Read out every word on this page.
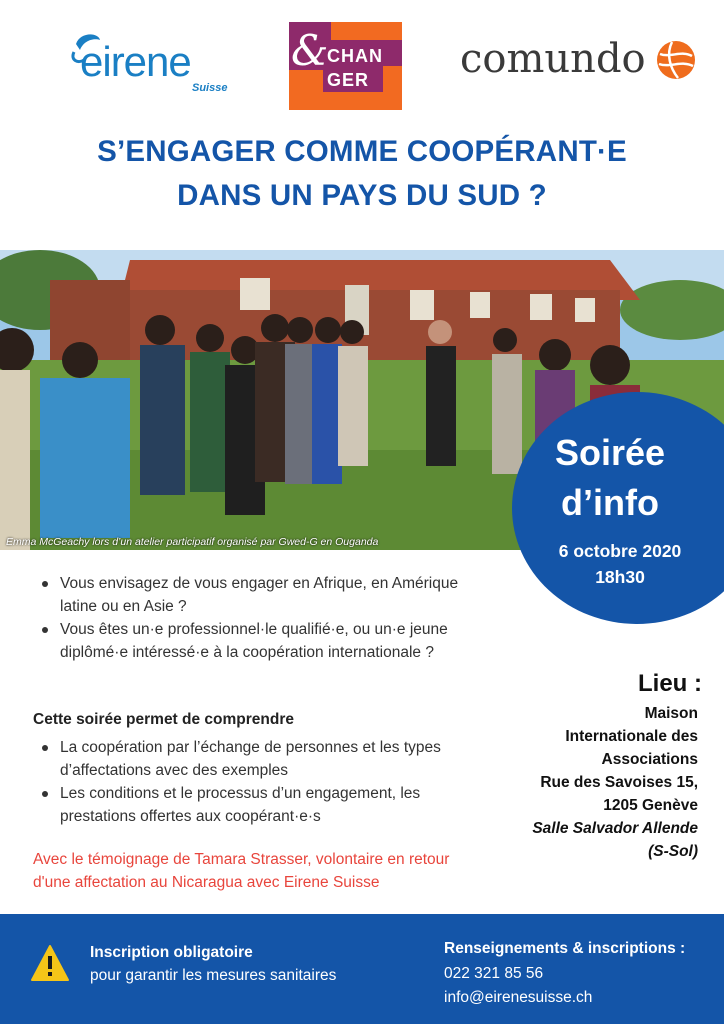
eirene
Suisse
&
CHAN
GER comundo
S’ENGAGER COMME COOPÉRANT·E
DANS UN PAYS DU SUD ?
Emma McGeachy lors d’un atelier participatif organisé par Gwed-G en Ouganda
Soirée
d’info
6 octobre 2020
18h30
Vous envisagez de vous engager en Afrique, en Amérique latine ou en Asie ?
Vous êtes un·e professionnel·le qualifié·e, ou un·e jeune diplômé·e intéressé·e à la coopération internationale ?
Cette soirée permet de comprendre
La coopération par l’échange de personnes et les types d’affectations avec des exemples
Les conditions et le processus d’un engagement, les prestations offertes aux coopérant·e·s

Avec le témoignage de Tamara Strasser, volontaire en retour d'une affectation au Nicaragua avec Eirene Suisse

Lieu :
Maison
Internationale des
Associations
Rue des Savoises 15,
1205 Genève
Salle Salvador Allende
(S-Sol)
Inscription obligatoire
pour garantir les mesures sanitaires
Renseignements & inscriptions :
022 321 85 56
info@eirenesuisse.ch
